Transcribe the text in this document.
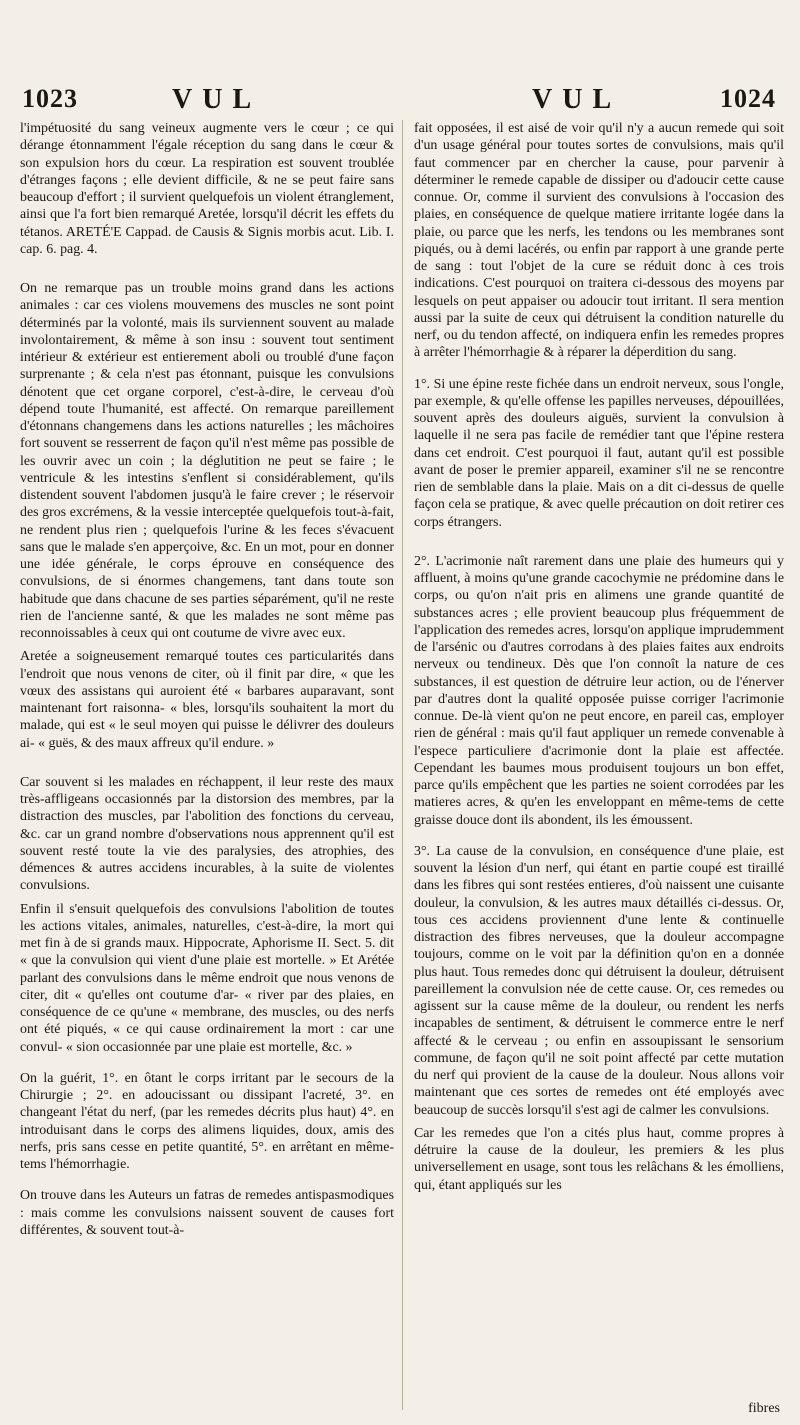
1023	VUL	VUL	1024

l'impétuosité du sang veineux augmente vers le cœur ; ce qui dérange étonnamment l'égale réception du sang dans le cœur & son expulsion hors du cœur. La respiration est souvent troublée d'étranges façons ; elle devient difficile, & ne se peut faire sans beaucoup d'effort ; il survient quelquefois un violent étranglement, ainsi que l'a fort bien remarqué Aretée, lorsqu'il décrit les effets du tétanos. ARETÉ'E Cappad. de Causis & Signis morbis acut. Lib. I. cap. 6. pag. 4.

On ne remarque pas un trouble moins grand dans les actions animales : car ces violens mouvemens des muscles ne sont point déterminés par la volonté, mais ils surviennent souvent au malade involontairement, & même à son insu : souvent tout sentiment intérieur & extérieur est entierement aboli ou troublé d'une façon surprenante ; & cela n'est pas étonnant, puisque les convulsions dénotent que cet organe corporel, c'est-à-dire, le cerveau d'où dépend toute l'humanité, est affecté. On remarque pareillement d'étonnans changemens dans les actions naturelles ; les mâchoires fort souvent se resserrent de façon qu'il n'est même pas possible de les ouvrir avec un coin ; la déglutition ne peut se faire ; le ventricule & les intestins s'enflent si considérablement, qu'ils distendent souvent l'abdomen jusqu'à le faire crever ; le réservoir des gros excrémens, & la vessie interceptée quelquefois tout-à-fait, ne rendent plus rien ; quelquefois l'urine & les feces s'évacuent sans que le malade s'en apperçoive, &c. En un mot, pour en donner une idée générale, le corps éprouve en conséquence des convulsions, de si énormes changemens, tant dans toute son habitude que dans chacune de ses parties séparément, qu'il ne reste rien de l'ancienne santé, & que les malades ne sont même pas reconnoissables à ceux qui ont coutume de vivre avec eux.

Aretée a soigneusement remarqué toutes ces particularités dans l'endroit que nous venons de citer, où il finit par dire, « que les vœux des assistans qui auroient été « barbares auparavant, sont maintenant fort raisonna- « bles, lorsqu'ils souhaitent la mort du malade, qui est « le seul moyen qui puisse le délivrer des douleurs ai- « guës, & des maux affreux qu'il endure. »

Car souvent si les malades en réchappent, il leur reste des maux très-affligeans occasionnés par la distorsion des membres, par la distraction des muscles, par l'abolition des fonctions du cerveau, &c. car un grand nombre d'observations nous apprennent qu'il est souvent resté toute la vie des paralysies, des atrophies, des démences & autres accidens incurables, à la suite de violentes convulsions.

Enfin il s'ensuit quelquefois des convulsions l'abolition de toutes les actions vitales, animales, naturelles, c'est-à-dire, la mort qui met fin à de si grands maux. Hippocrate, Aphorisme II. Sect. 5. dit « que la convulsion qui vient d'une plaie est mortelle. » Et Arétée parlant des convulsions dans le même endroit que nous venons de citer, dit « qu'elles ont coutume d'ar- « river par des plaies, en conséquence de ce qu'une « membrane, des muscles, ou des nerfs ont été piqués, « ce qui cause ordinairement la mort : car une convul- « sion occasionnée par une plaie est mortelle, &c. »

On la guérit, 1°. en ôtant le corps irritant par le secours de la Chirurgie ; 2°. en adoucissant ou dissipant l'acreté, 3°. en changeant l'état du nerf, (par les remedes décrits plus haut) 4°. en introduisant dans le corps des alimens liquides, doux, amis des nerfs, pris sans cesse en petite quantité, 5°. en arrêtant en même-tems l'hémorrhagie.

On trouve dans les Auteurs un fatras de remedes antispasmodiques : mais comme les convulsions naissent souvent de causes fort différentes, & souvent tout-à-

fait opposées, il est aisé de voir qu'il n'y a aucun remede qui soit d'un usage général pour toutes sortes de convulsions, mais qu'il faut commencer par en chercher la cause, pour parvenir à déterminer le remede capable de dissiper ou d'adoucir cette cause connue. Or, comme il survient des convulsions à l'occasion des plaies, en conséquence de quelque matiere irritante logée dans la plaie, ou parce que les nerfs, les tendons ou les membranes sont piqués, ou à demi lacérés, ou enfin par rapport à une grande perte de sang : tout l'objet de la cure se réduit donc à ces trois indications. C'est pourquoi on traitera ci-dessous des moyens par lesquels on peut appaiser ou adoucir tout irritant. Il sera mention aussi par la suite de ceux qui détruisent la condition naturelle du nerf, ou du tendon affecté, on indiquera enfin les remedes propres à arrêter l'hémorrhagie & à réparer la déperdition du sang.

1°. Si une épine reste fichée dans un endroit nerveux, sous l'ongle, par exemple, & qu'elle offense les papilles nerveuses, dépouillées, souvent après des douleurs aiguës, survient la convulsion à laquelle il ne sera pas facile de remédier tant que l'épine restera dans cet endroit. C'est pourquoi il faut, autant qu'il est possible avant de poser le premier appareil, examiner s'il ne se rencontre rien de semblable dans la plaie. Mais on a dit ci-dessus de quelle façon cela se pratique, & avec quelle précaution on doit retirer ces corps étrangers.

2°. L'acrimonie naît rarement dans une plaie des humeurs qui y affluent, à moins qu'une grande cacochymie ne prédomine dans le corps, ou qu'on n'ait pris en alimens une grande quantité de substances acres ; elle provient beaucoup plus fréquemment de l'application des remedes acres, lorsqu'on applique imprudemment de l'arsénic ou d'autres corrodans à des plaies faites aux endroits nerveux ou tendineux. Dès que l'on connoît la nature de ces substances, il est question de détruire leur action, ou de l'énerver par d'autres dont la qualité opposée puisse corriger l'acrimonie connue. De-là vient qu'on ne peut encore, en pareil cas, employer rien de général : mais qu'il faut appliquer un remede convenable à l'espece particuliere d'acrimonie dont la plaie est affectée. Cependant les baumes mous produisent toujours un bon effet, parce qu'ils empêchent que les parties ne soient corrodées par les matieres acres, & qu'en les enveloppant en même-tems de cette graisse douce dont ils abondent, ils les émoussent.

3°. La cause de la convulsion, en conséquence d'une plaie, est souvent la lésion d'un nerf, qui étant en partie coupé est tiraillé dans les fibres qui sont restées entieres, d'où naissent une cuisante douleur, la convulsion, & les autres maux détaillés ci-dessus. Or, tous ces accidens proviennent d'une lente & continuelle distraction des fibres nerveuses, que la douleur accompagne toujours, comme on le voit par la définition qu'on en a donnée plus haut. Tous remedes donc qui détruisent la douleur, détruisent pareillement la convulsion née de cette cause. Or, ces remedes ou agissent sur la cause même de la douleur, ou rendent les nerfs incapables de sentiment, & détruisent le commerce entre le nerf affecté & le cerveau ; ou enfin en assoupissant le sensorium commune, de façon qu'il ne soit point affecté par cette mutation du nerf qui provient de la cause de la douleur. Nous allons voir maintenant que ces sortes de remedes ont été employés avec beaucoup de succès lorsqu'il s'est agi de calmer les convulsions.

Car les remedes que l'on a cités plus haut, comme propres à détruire la cause de la douleur, les premiers & les plus universellement en usage, sont tous les relâchans & les émolliens, qui, étant appliqués sur les

fibres
